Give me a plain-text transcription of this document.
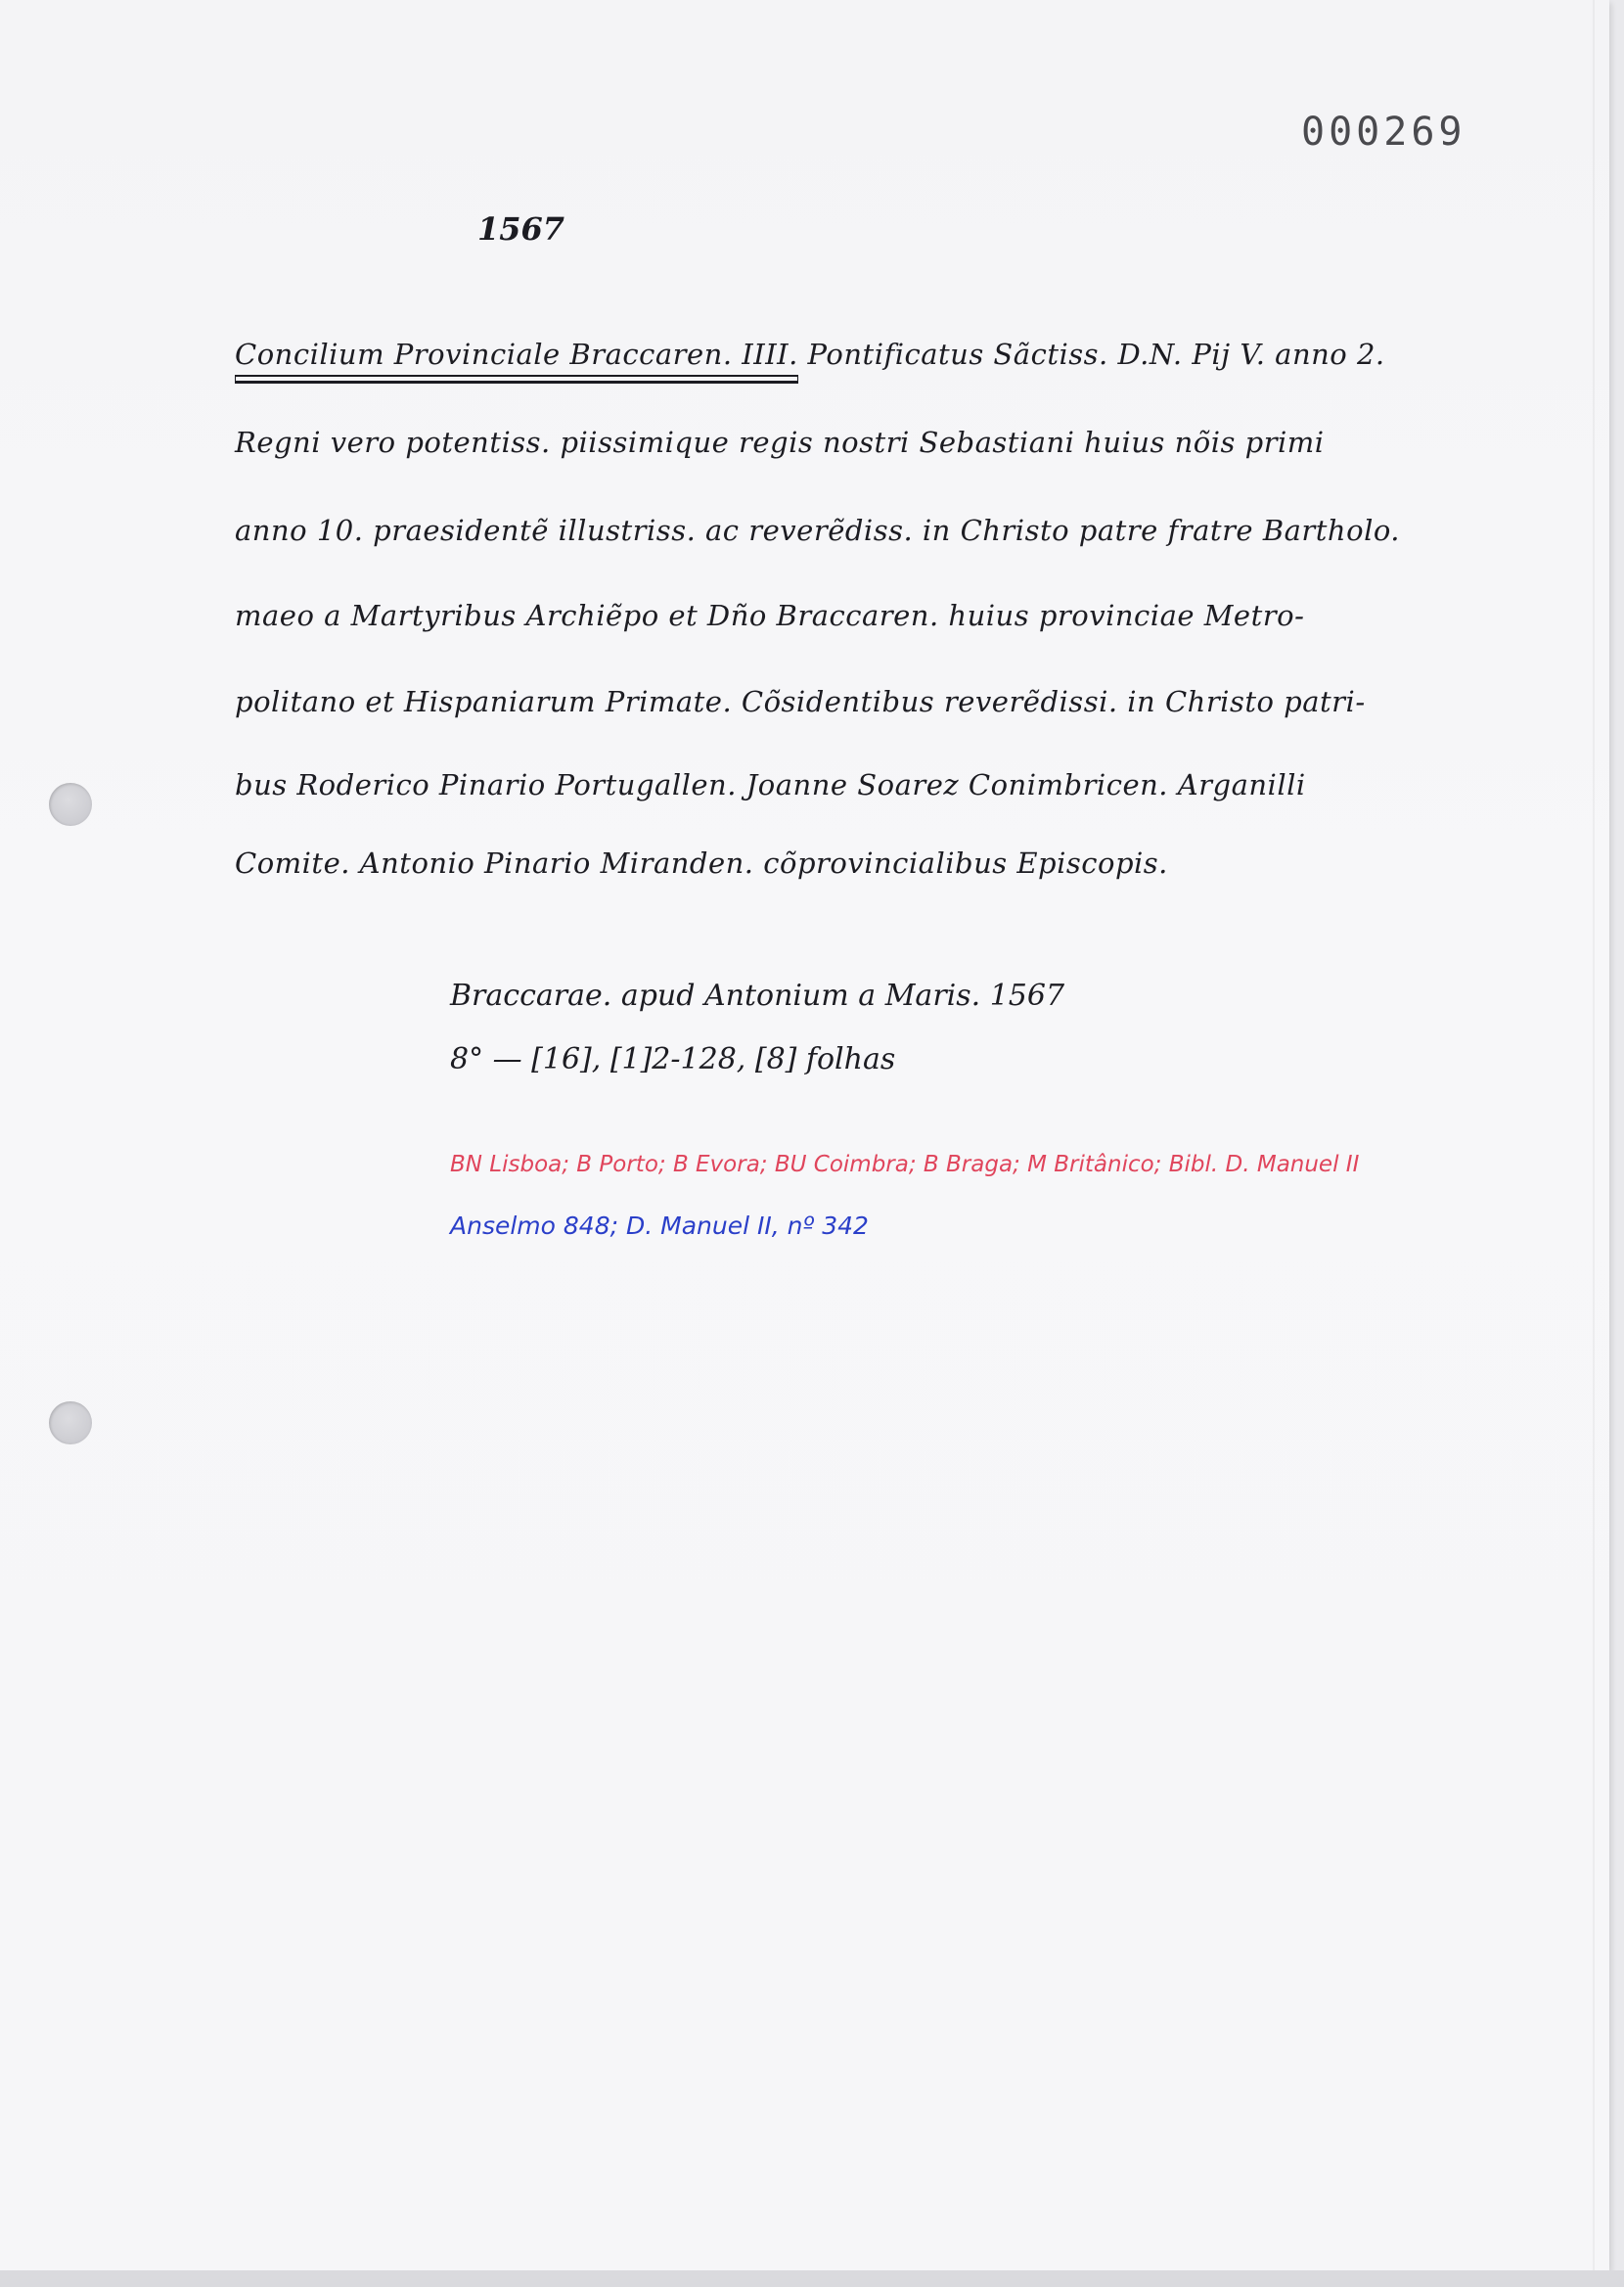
000269
1567
Concilium Provinciale Braccaren. IIII. Pontificatus Sãctiss. D.N. Pij V. anno 2.
Regni vero potentiss. piissimique regis nostri Sebastiani huius nõis primi
anno 10. praesidentẽ illustriss. ac reverẽdiss. in Christo patre fratre Bartholo.
maeo a Martyribus Archiẽpo et Dño Braccaren. huius provinciae Metro-
politano et Hispaniarum Primate. Cõsidentibus reverẽdissi. in Christo patri-
bus Roderico Pinario Portugallen. Joanne Soarez Conimbricen. Arganilli
Comite. Antonio Pinario Miranden. cõprovincialibus Episcopis.
Braccarae. apud Antonium a Maris. 1567
8° — [16], [1]2-128, [8] folhas
BN Lisboa; B Porto; B Evora; BU Coimbra; B Braga; M Britânico; Bibl. D. Manuel II
Anselmo 848; D. Manuel II, nº 342
